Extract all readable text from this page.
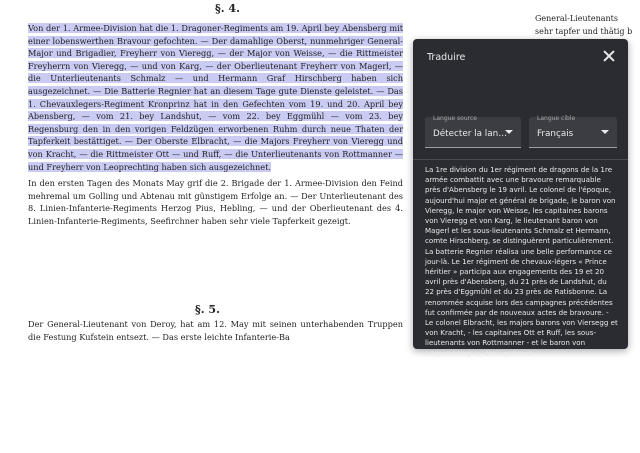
§. 4.
General-Lieutenants
sehr tapfer und thätig b

Von der 1. Armee-Division hat die 1. Dragoner-Regiments am 19. April bey Abensberg mit einer lobenswerthen Bravour gefochten. — Der damahlige Oberst, nunmehriger General-Major und Brigadier, Freyherr von Vieregg, — der Major von Weisse, — die Rittmeister Freyherrn von Vieregg, — und von Karg, — der Oberlieutenant Freyherr von Magerl, — die Unterlieutenants Schmalz — und Hermann Graf Hirschberg haben sich ausgezeichnet. — Die Batterie Regnier hat an diesem Tage gute Dienste geleistet. — Das 1. Chevauxlegers-Regiment Kronprinz hat in den Gefechten vom 19. und 20. April bey Abensberg, — vom 21. bey Landshut, — vom 22. bey Eggmühl — vom 23. bey Regensburg den in den vorigen Feldzügen erworbenen Ruhm durch neue Thaten der Tapferkeit bestättiget. — Der Oberste Elbracht, — die Majors Freyherr von Vieregg und von Kracht, — die Rittmeister Ott — und Ruff, — die Unterlieutenants von Rottmanner — und Freyherr von Leoprechting haben sich ausgezeichnet.

In den ersten Tagen des Monats May grif die 2. Brigade der 1. Armee-Division den Feind mehremal um Golling und Abtenau mit günstigem Erfolge an. — Der Unterlieutenant des 8. Linien-Infanterie-Regiments Herzog Pius, Hebling, — und der Oberlieutenant des 4. Linien-Infanterie-Regiments, Seefirchner haben sehr viele Tapferkeit gezeigt.

§. 5.

Der General-Lieutenant von Deroy, hat am 12. May mit seinen unterhabenden Truppen die Festung Kufstein entsezt. — Das erste leichte Infanterie-Ba

Traduire
Langue source
Détecter la lan…
Langue cible
Français
La 1re division du 1er régiment de dragons de la 1re armée combattit avec une bravoure remarquable près d'Abensberg le 19 avril. Le colonel de l'époque, aujourd'hui major et général de brigade, le baron von Vieregg, le major von Weisse, les capitaines barons von Vieregg et von Karg, le lieutenant baron von Magerl et les sous-lieutenants Schmalz et Hermann, comte Hirschberg, se distinguèrent particulièrement. La batterie Regnier réalisa une belle performance ce jour-là. Le 1er régiment de chevaux-légers « Prince héritier » participa aux engagements des 19 et 20 avril près d'Abensberg, du 21 près de Landshut, du 22 près d'Eggmühl et du 23 près de Ratisbonne. La renommée acquise lors des campagnes précédentes fut confirmée par de nouveaux actes de bravoure. - Le colonel Elbracht, les majors barons von Viersegg et von Kracht, - les capitaines Ott et Ruff, les sous-lieutenants von Rottmanner - et le baron von Leoprechting se distinguèrent.
